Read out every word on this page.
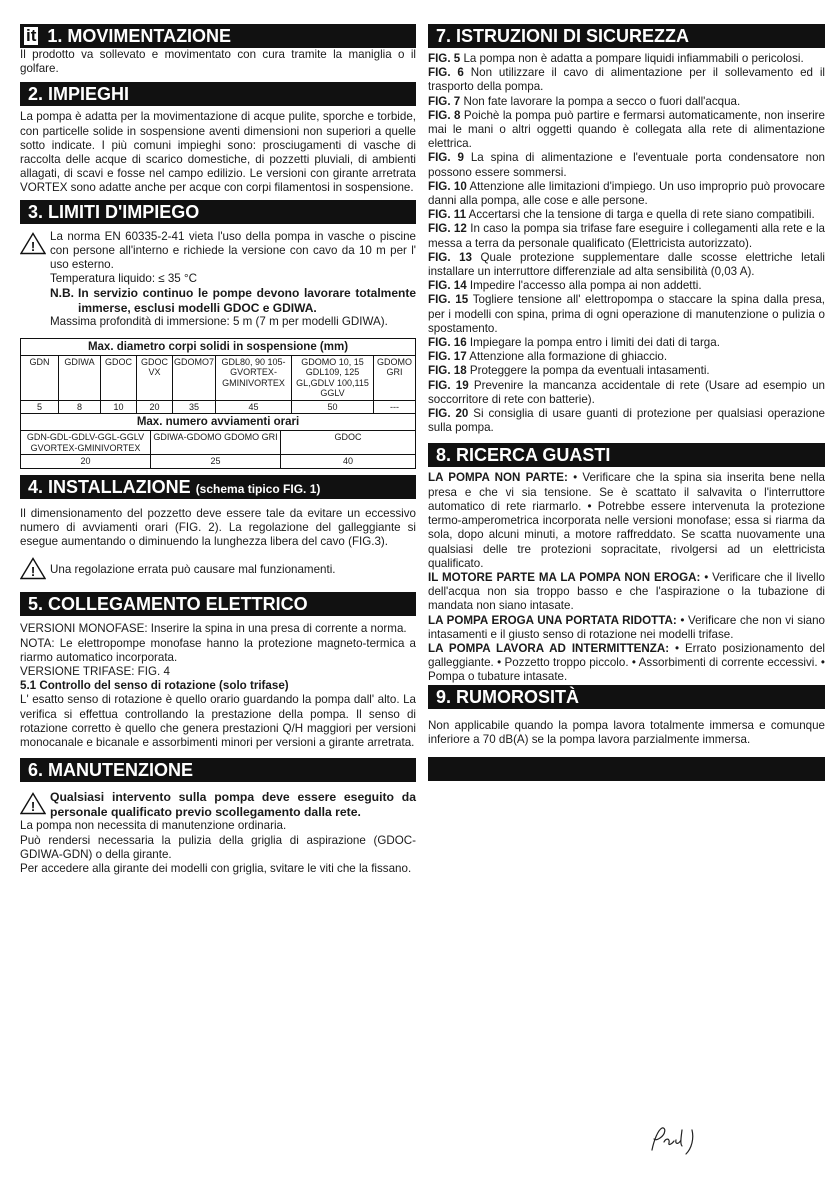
it 1. MOVIMENTAZIONE

Il prodotto va sollevato e movimentato con cura tramite la maniglia o il golfare.

2. IMPIEGHI

La pompa è adatta per la movimentazione di acque pulite, sporche e torbide, con particelle solide in sospensione aventi dimensioni non superiori a quelle sotto indicate. I più comuni impieghi sono: prosciugamenti di vasche di raccolta delle acque di scarico domestiche, di pozzetti pluviali, di ambienti allagati, di scavi e fosse nel campo edilizio. Le versioni con girante arretrata VORTEX sono adatte anche per acque con corpi filamentosi in sospensione.

3. LIMITI D'IMPIEGO
!

La norma EN 60335-2-41 vieta l'uso della pompa in vasche o piscine con persone all'interno e richiede la versione con cavo da 10 m per l' uso esterno.

Temperatura liquido: ≤ 35 °C

N.B. In servizio continuo le pompe devono lavorare totalmente immerse, esclusi modelli GDOC e GDIWA.

Massima profondità di immersione: 5 m (7 m per modelli GDIWA).

Max. diametro corpi solidi in sospensione (mm)							
GDN	GDIWA	GDOC	GDOC VX	GDOMO7	GDL80, 90 105- GVORTEX- GMINIVORTEX	GDOMO 10, 15 GDL109, 125 GL,GDLV 100,115 GGLV	GDOMO GRI
5	8	10	20	35	45	50	---
Max. numero avviamenti orari		
GDN-GDL-GDLV-GGL-GGLV GVORTEX-GMINIVORTEX	GDIWA-GDOMO GDOMO GRI	GDOC
20	25	40
4. INSTALLAZIONE (schema tipico FIG. 1)

Il dimensionamento del pozzetto deve essere tale da evitare un eccessivo numero di avviamenti orari (FIG. 2). La regolazione del galleggiante si esegue aumentando o diminuendo la lunghezza libera del cavo (FIG.3).

! Una regolazione errata può causare mal funzionamenti.

5. COLLEGAMENTO ELETTRICO

VERSIONI MONOFASE: Inserire la spina in una presa di corrente a norma.

NOTA: Le elettropompe monofase hanno la protezione magneto-termica a riarmo automatico incorporata.

VERSIONE TRIFASE: FIG. 4

5.1 Controllo del senso di rotazione (solo trifase)

L' esatto senso di rotazione è quello orario guardando la pompa dall' alto. La verifica si effettua controllando la prestazione della pompa. Il senso di rotazione corretto è quello che genera prestazioni Q/H maggiori per versioni monocanale e bicanale e assorbimenti minori per versioni a girante arretrata.

6. MANUTENZIONE
!

Qualsiasi intervento sulla pompa deve essere eseguito da personale qualificato previo scollegamento dalla rete.

La pompa non necessita di manutenzione ordinaria.

Può rendersi necessaria la pulizia della griglia di aspirazione (GDOC-GDIWA-GDN) o della girante.

Per accedere alla girante dei modelli con griglia, svitare le viti che la fissano.

7. ISTRUZIONI DI SICUREZZA

FIG. 5 La pompa non è adatta a pompare liquidi infiammabili o pericolosi.

FIG. 6 Non utilizzare il cavo di alimentazione per il sollevamento ed il trasporto della pompa.

FIG. 7 Non fate lavorare la pompa a secco o fuori dall'acqua.

FIG. 8 Poichè la pompa può partire e fermarsi automaticamente, non inserire mai le mani o altri oggetti quando è collegata alla rete di alimentazione elettrica.

FIG. 9 La spina di alimentazione e l'eventuale porta condensatore non possono essere sommersi.

FIG. 10 Attenzione alle limitazioni d'impiego. Un uso improprio può provocare danni alla pompa, alle cose e alle persone.

FIG. 11 Accertarsi che la tensione di targa e quella di rete siano compatibili.

FIG. 12 In caso la pompa sia trifase fare eseguire i collegamenti alla rete e la messa a terra da personale qualificato (Elettricista autorizzato).

FIG. 13 Quale protezione supplementare dalle scosse elettriche letali installare un interruttore differenziale ad alta sensibilità (0,03 A).

FIG. 14 Impedire l'accesso alla pompa ai non addetti.

FIG. 15 Togliere tensione all' elettropompa o staccare la spina dalla presa, per i modelli con spina, prima di ogni operazione di manutenzione o pulizia o spostamento.

FIG. 16 Impiegare la pompa entro i limiti dei dati di targa.

FIG. 17 Attenzione alla formazione di ghiaccio.

FIG. 18 Proteggere la pompa da eventuali intasamenti.

FIG. 19 Prevenire la mancanza accidentale di rete (Usare ad esempio un soccorritore di rete con batterie).

FIG. 20 Si consiglia di usare guanti di protezione per qualsiasi operazione sulla pompa.

8. RICERCA GUASTI

LA POMPA NON PARTE: • Verificare che la spina sia inserita bene nella presa e che vi sia tensione. Se è scattato il salvavita o l'interruttore automatico di rete riarmarlo. • Potrebbe essere intervenuta la protezione termo-amperometrica incorporata nelle versioni monofase; essa si riarma da sola, dopo alcuni minuti, a motore raffreddato. Se scatta nuovamente una qualsiasi delle tre protezioni sopracitate, rivolgersi ad un elettricista qualificato.

IL MOTORE PARTE MA LA POMPA NON EROGA: • Verificare che il livello dell'acqua non sia troppo basso e che l'aspirazione o la tubazione di mandata non siano intasate.

LA POMPA EROGA UNA PORTATA RIDOTTA: • Verificare che non vi siano intasamenti e il giusto senso di rotazione nei modelli trifase.

LA POMPA LAVORA AD INTERMITTENZA: • Errato posizionamento del galleggiante. • Pozzetto troppo piccolo. • Assorbimenti di corrente eccessivi. • Pompa o tubature intasate.

9. RUMOROSITÀ

Non applicabile quando la pompa lavora totalmente immersa e comunque inferiore a 70 dB(A) se la pompa lavora parzialmente immersa.
